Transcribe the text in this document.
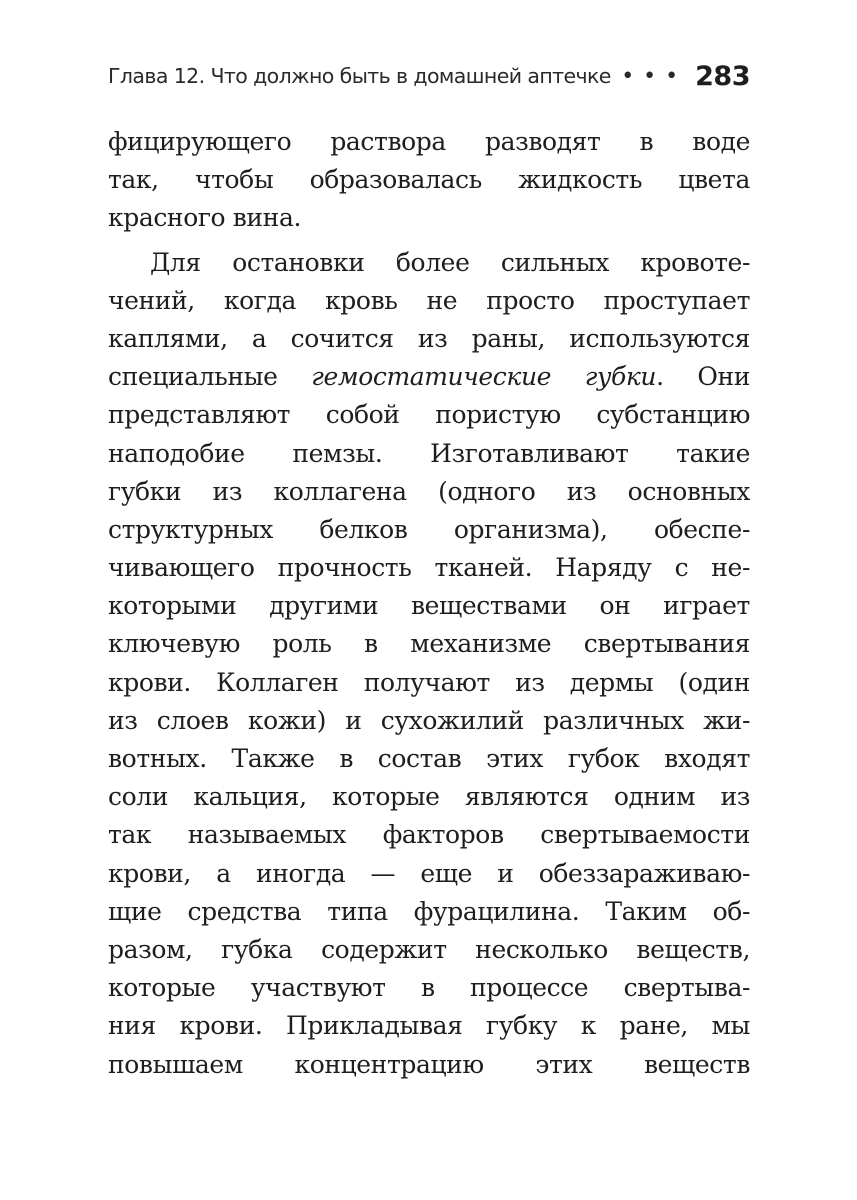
Глава 12. Что должно быть в домашней аптечке ••• 283
фицирующего раствора разводят в воде
так, чтобы образовалась жидкость цвета
красного вина.
Для остановки более сильных кровоте-
чений, когда кровь не просто проступает
каплями, а сочится из раны, используются
специальные гемостатические губки. Они
представляют собой пористую субстанцию
наподобие пемзы. Изготавливают такие
губки из коллагена (одного из основных
структурных белков организма), обеспе-
чивающего прочность тканей. Наряду с не-
которыми другими веществами он играет
ключевую роль в механизме свертывания
крови. Коллаген получают из дермы (один
из слоев кожи) и сухожилий различных жи-
вотных. Также в состав этих губок входят
соли кальция, которые являются одним из
так называемых факторов свертываемости
крови, а иногда — еще и обеззараживаю-
щие средства типа фурацилина. Таким об-
разом, губка содержит несколько веществ,
которые участвуют в процессе свертыва-
ния крови. Прикладывая губку к ране, мы
повышаем концентрацию этих веществ
